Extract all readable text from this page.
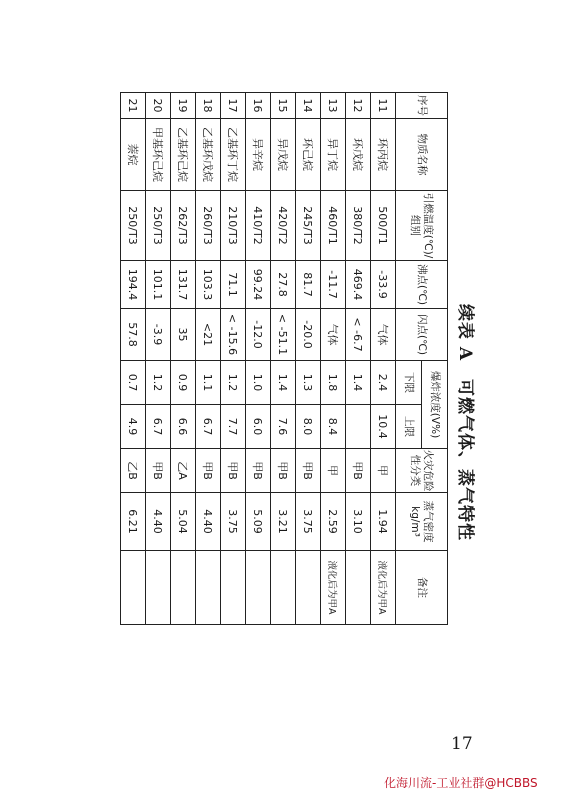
续表 A　可燃气体、蒸气特性
序号	物质名称	引燃温度(℃)/组别	沸点(℃)	闪点(℃)	爆炸浓度(V%)		火灾危险性分类	蒸气密度kg/m³	备注
					下限	上限			
11	环丙烷	500/T1	-33.9	气体	2.4	10.4	甲	1.94	液化后为甲A
12	环戊烷	380/T2	469.4	< -6.7	1.4		甲B	3.10	
13	异丁烷	460/T1	-11.7	气体	1.8	8.4	甲	2.59	液化后为甲A
14	环己烷	245/T3	81.7	-20.0	1.3	8.0	甲B	3.75	
15	异戊烷	420/T2	27.8	< -51.1	1.4	7.6	甲B	3.21	
16	异辛烷	410/T2	99.24	-12.0	1.0	6.0	甲B	5.09	
17	乙基环丁烷	210/T3	71.1	< -15.6	1.2	7.7	甲B	3.75	
18	乙基环戊烷	260/T3	103.3	<21	1.1	6.7	甲B	4.40	
19	乙基环己烷	262/T3	131.7	35	0.9	6.6	乙A	5.04	
20	甲基环己烷	250/T3	101.1	-3.9	1.2	6.7	甲B	4.40	
21	萘烷	250/T3	194.4	57.8	0.7	4.9	乙B	6.21	
17
化海川流-工业社群@HCBBS
